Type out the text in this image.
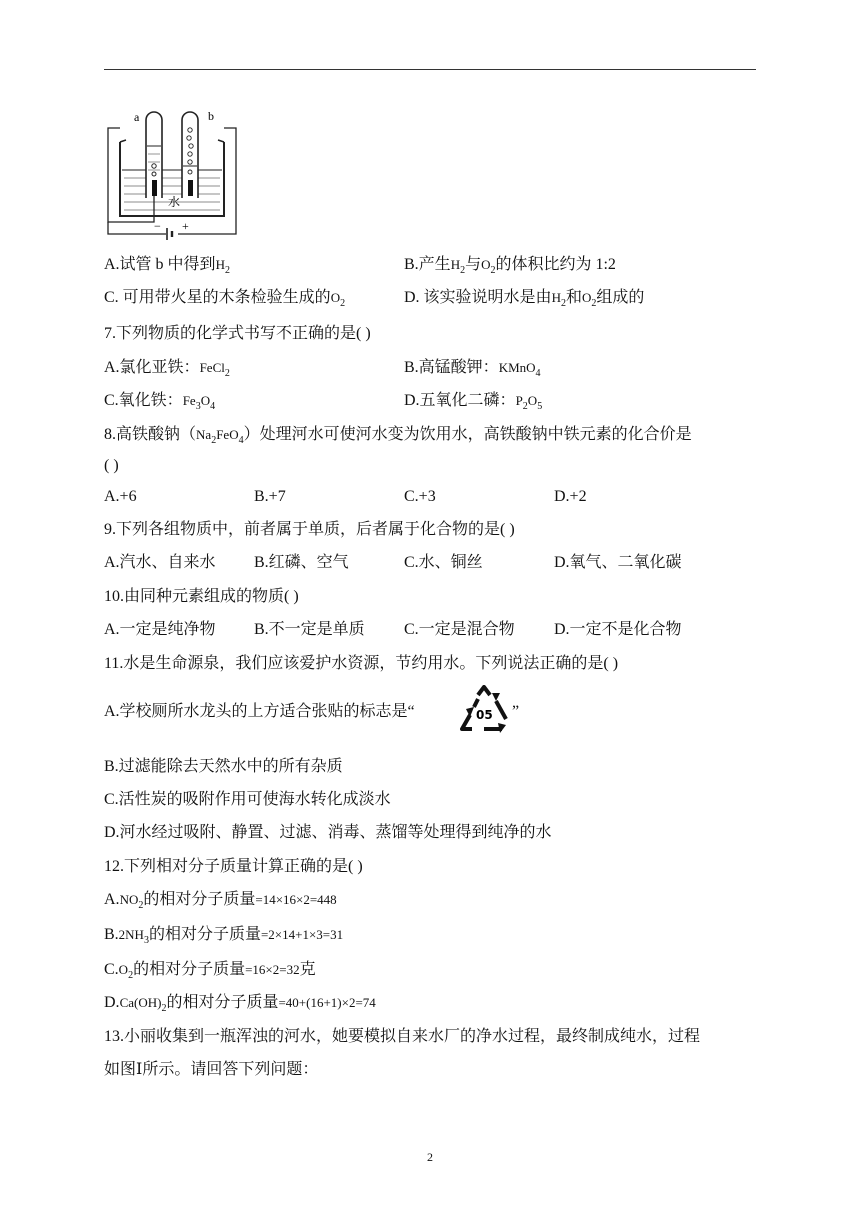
a	b
水
− +
A.试管 b 中得到$H_2$	B.产生$H_2$与$O_2$的体积比约为 1:2
C. 可用带火星的木条检验生成的$O_2$	D. 该实验说明水是由$H_2$和$O_2$组成的
7.下列物质的化学式书写不正确的是( )
A.氯化亚铁：FeCl$_2$	B.高锰酸钾：KMnO$_4$
C.氧化铁：$Fe_3O_4$	D.五氧化二磷：$P_2O_5$
8.高铁酸钠$(Na_2FeO_4)$处理河水可使河水变为饮用水，高铁酸钠中铁元素的化合价是
( )
A.+6	B.+7	C.+3	D.+2
9.下列各组物质中，前者属于单质，后者属于化合物的是( )
A.汽水、自来水 B.红磷、空气	C.水、铜丝	D.氧气、二氧化碳
10.由同种元素组成的物质( )
A.一定是纯净物 B.不一定是单质 C.一定是混合物 D.一定不是化合物
11.水是生命源泉，我们应该爱护水资源，节约用水。下列说法正确的是( )
A.学校厕所水龙头的上方适合张贴的标志是“	05 ”
B.过滤能除去天然水中的所有杂质
C.活性炭的吸附作用可使海水转化成淡水
D.河水经过吸附、静置、过滤、消毒、蒸馏等处理得到纯净的水
12.下列相对分子质量计算正确的是( )
$A.NO_2$的相对分子质量=14×16×2=448
$B.2NH_3$的相对分子质量=2×14+1×3=31
$C.O_2$的相对分子质量=16×2=32克
$D.Ca(OH)_2$的相对分子质量=40+(16+1)×2=74
13.小丽收集到一瓶浑浊的河水，她要模拟自来水厂的净水过程，最终制成纯水，过程
如图Ⅰ所示。请回答下列问题：
2
